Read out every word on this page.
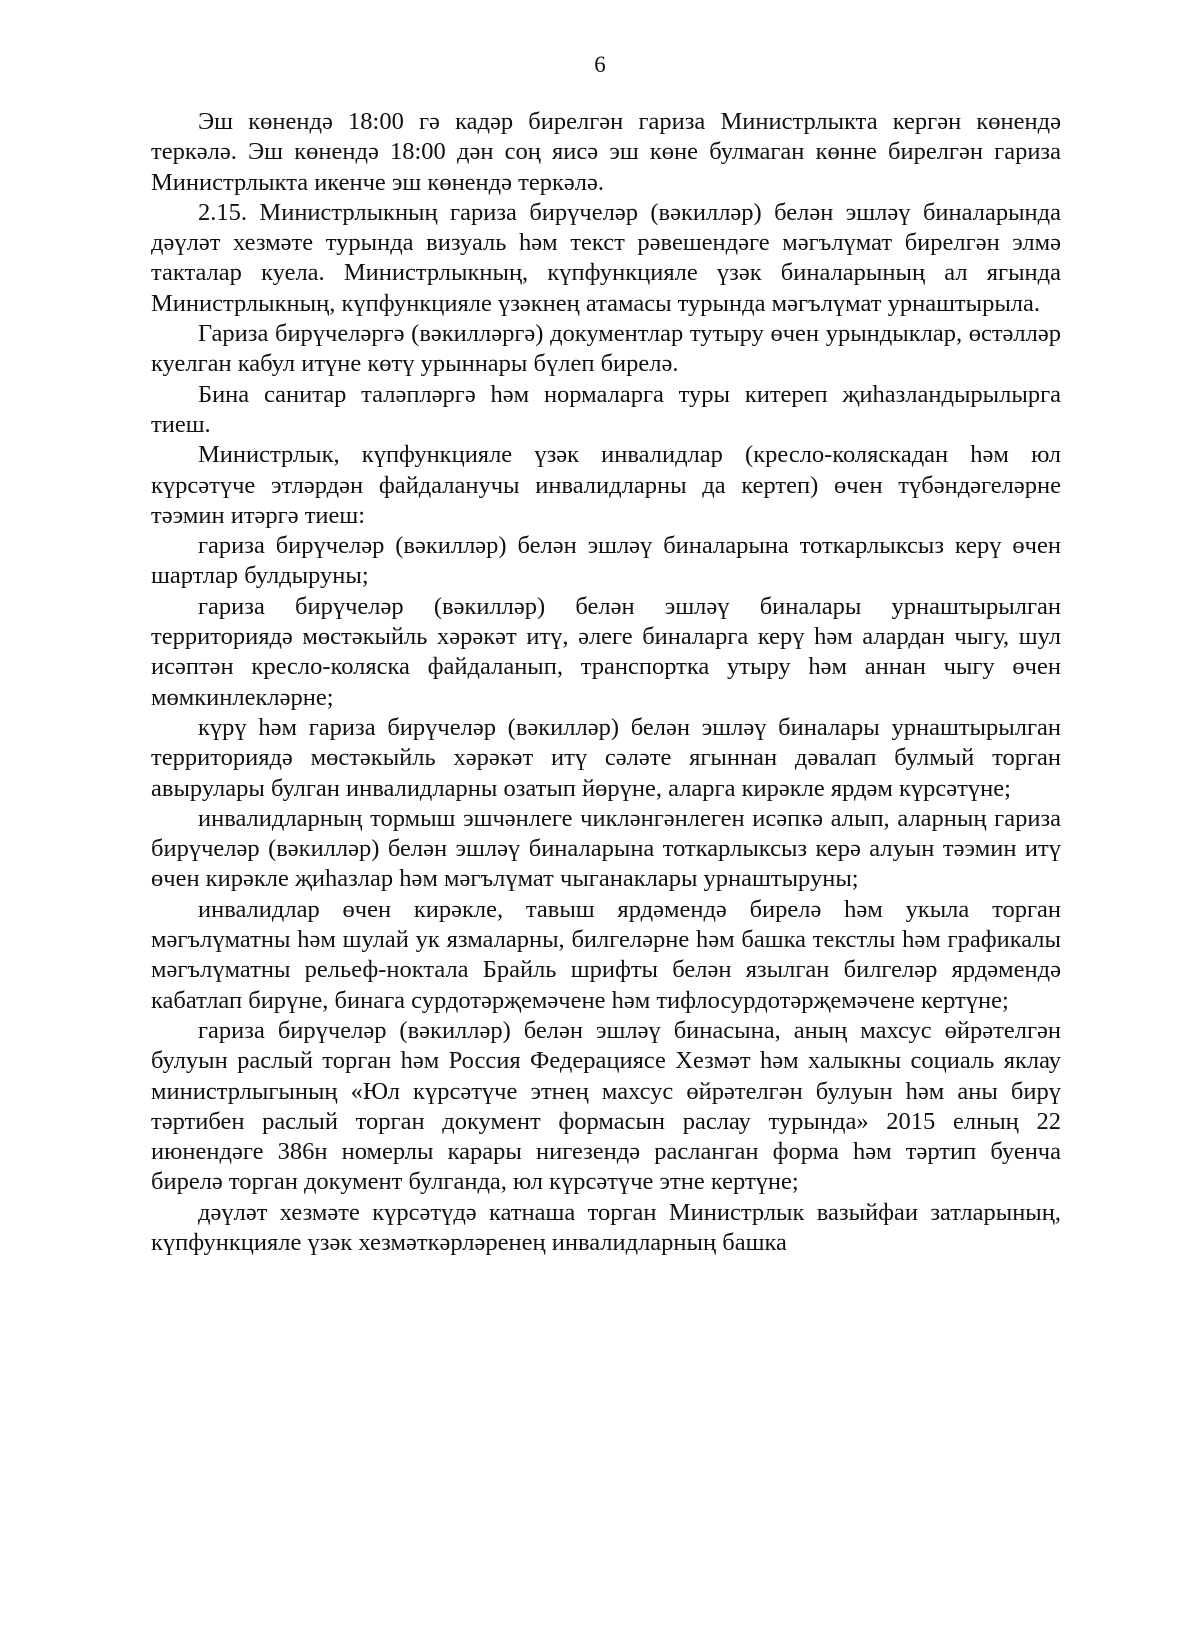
6

Эш көнендә 18:00 гә кадәр бирелгән гариза Министрлыкта кергән көнендә теркәлә. Эш көнендә 18:00 дән соң яисә эш көне булмаган көнне бирелгән гариза Министрлыкта икенче эш көнендә теркәлә.

2.15. Министрлыкның гариза бирүчеләр (вәкилләр) белән эшләү биналарында дәүләт хезмәте турында визуаль һәм текст рәвешендәге мәгълүмат бирелгән элмә такталар куела. Министрлыкның, күпфункцияле үзәк биналарының ал ягында Министрлыкның, күпфункцияле үзәкнең атамасы турында мәгълүмат урнаштырыла.

Гариза бирүчеләргә (вәкилләргә) документлар тутыру өчен урындыклар, өстәлләр куелган кабул итүне көтү урыннары бүлеп бирелә.

Бина санитар таләпләргә һәм нормаларга туры китереп җиһазландырылырга тиеш.

Министрлык, күпфункцияле үзәк инвалидлар (кресло-коляскадан һәм юл күрсәтүче этләрдән файдаланучы инвалидларны да кертеп) өчен түбәндәгеләрне тәэмин итәргә тиеш:

гариза бирүчеләр (вәкилләр) белән эшләү биналарына тоткарлыксыз керү өчен шартлар булдыруны;

гариза бирүчеләр (вәкилләр) белән эшләү биналары урнаштырылган территориядә мөстәкыйль хәрәкәт итү, әлеге биналарга керү һәм алардан чыгу, шул исәптән кресло-коляска файдаланып, транспортка утыру һәм аннан чыгу өчен мөмкинлекләрне;

күрү һәм гариза бирүчеләр (вәкилләр) белән эшләү биналары урнаштырылган территориядә мөстәкыйль хәрәкәт итү сәләте ягыннан дәвалап булмый торган авырулары булган инвалидларны озатып йөрүне, аларга кирәкле ярдәм күрсәтүне;

инвалидларның тормыш эшчәнлеге чикләнгәнлеген исәпкә алып, аларның гариза бирүчеләр (вәкилләр) белән эшләү биналарына тоткарлыксыз керә алуын тәэмин итү өчен кирәкле җиһазлар һәм мәгълүмат чыганаклары урнаштыруны;

инвалидлар өчен кирәкле, тавыш ярдәмендә бирелә һәм укыла торган мәгълүматны һәм шулай ук язмаларны, билгеләрне һәм башка текстлы һәм графикалы мәгълүматны рельеф-ноктала Брайль шрифты белән язылган билгеләр ярдәмендә кабатлап бирүне, бинага сурдотәрҗемәчене һәм тифлосурдотәрҗемәчене кертүне;

гариза бирүчеләр (вәкилләр) белән эшләү бинасына, аның махсус өйрәтелгән булуын раслый торган һәм Россия Федерациясе Хезмәт һәм халыкны социаль яклау министрлыгының «Юл күрсәтүче этнең махсус өйрәтелгән булуын һәм аны бирү тәртибен раслый торган документ формасын раслау турында» 2015 елның 22 июнендәге 386н номерлы карары нигезендә расланган форма һәм тәртип буенча бирелә торган документ булганда, юл күрсәтүче этне кертүне;

дәүләт хезмәте күрсәтүдә катнаша торган Министрлык вазыйфаи затларының, күпфункцияле үзәк хезмәткәрләренең инвалидларның башка
